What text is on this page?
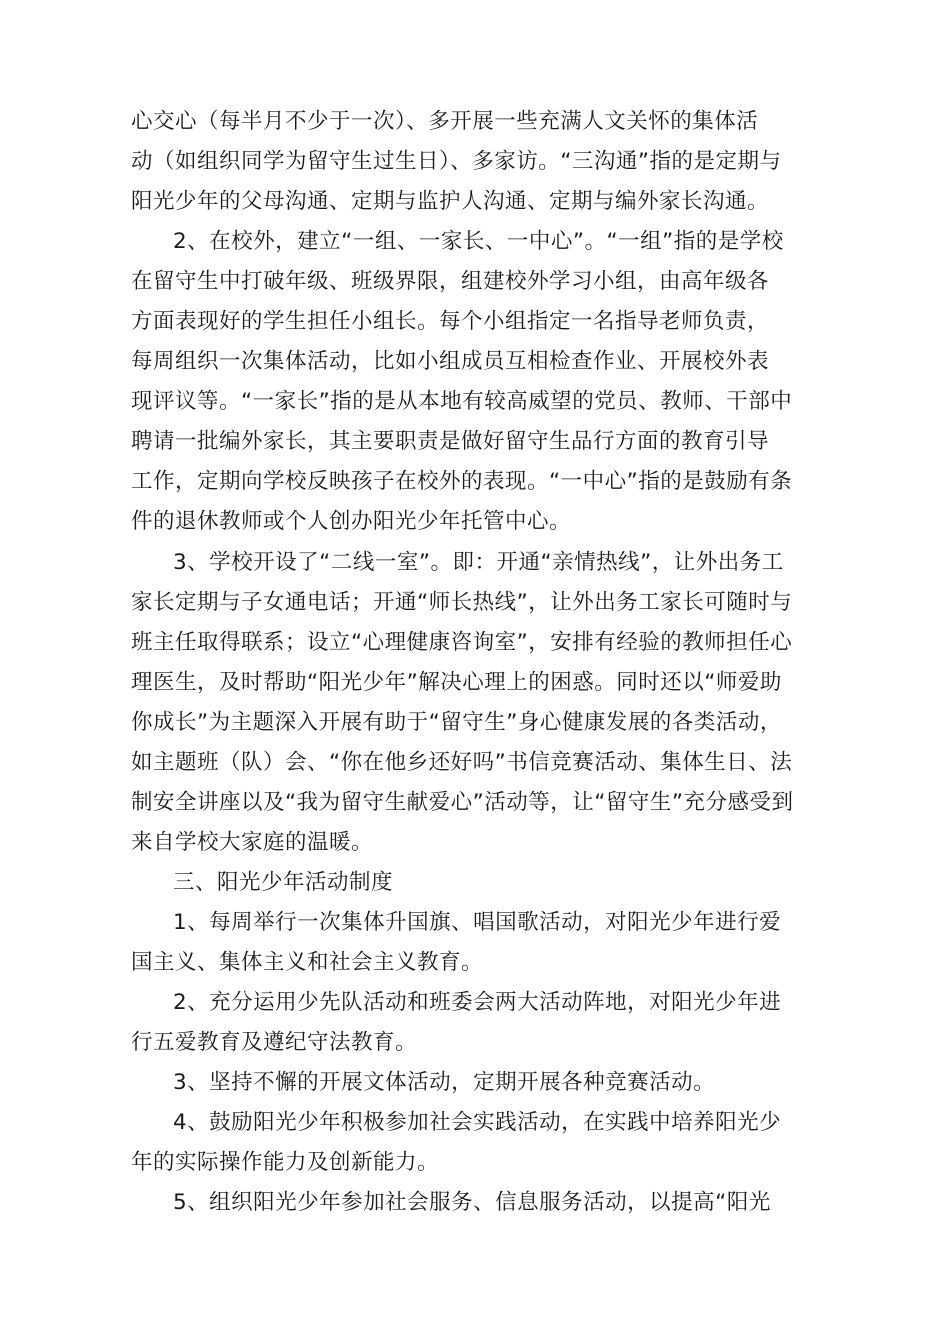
心交心（每半月不少于一次）、多开展一些充满人文关怀的集体活
动（如组织同学为留守生过生日）、多家访。“三沟通”指的是定期与
阳光少年的父母沟通、定期与监护人沟通、定期与编外家长沟通。
2、在校外，建立“一组、一家长、一中心”。“一组”指的是学校
在留守生中打破年级、班级界限，组建校外学习小组，由高年级各
方面表现好的学生担任小组长。每个小组指定一名指导老师负责，
每周组织一次集体活动，比如小组成员互相检查作业、开展校外表
现评议等。“一家长”指的是从本地有较高威望的党员、教师、干部中
聘请一批编外家长，其主要职责是做好留守生品行方面的教育引导
工作，定期向学校反映孩子在校外的表现。“一中心”指的是鼓励有条
件的退休教师或个人创办阳光少年托管中心。
3、学校开设了“二线一室”。即：开通“亲情热线”，让外出务工
家长定期与子女通电话；开通“师长热线”，让外出务工家长可随时与
班主任取得联系；设立“心理健康咨询室”，安排有经验的教师担任心
理医生，及时帮助“阳光少年”解决心理上的困惑。同时还以“师爱助
你成长”为主题深入开展有助于“留守生”身心健康发展的各类活动，
如主题班（队）会、“你在他乡还好吗”书信竞赛活动、集体生日、法
制安全讲座以及“我为留守生献爱心”活动等，让“留守生”充分感受到
来自学校大家庭的温暖。
三、阳光少年活动制度
1、每周举行一次集体升国旗、唱国歌活动，对阳光少年进行爱
国主义、集体主义和社会主义教育。
2、充分运用少先队活动和班委会两大活动阵地，对阳光少年进
行五爱教育及遵纪守法教育。
3、坚持不懈的开展文体活动，定期开展各种竞赛活动。
4、鼓励阳光少年积极参加社会实践活动，在实践中培养阳光少
年的实际操作能力及创新能力。
5、组织阳光少年参加社会服务、信息服务活动，以提高“阳光
